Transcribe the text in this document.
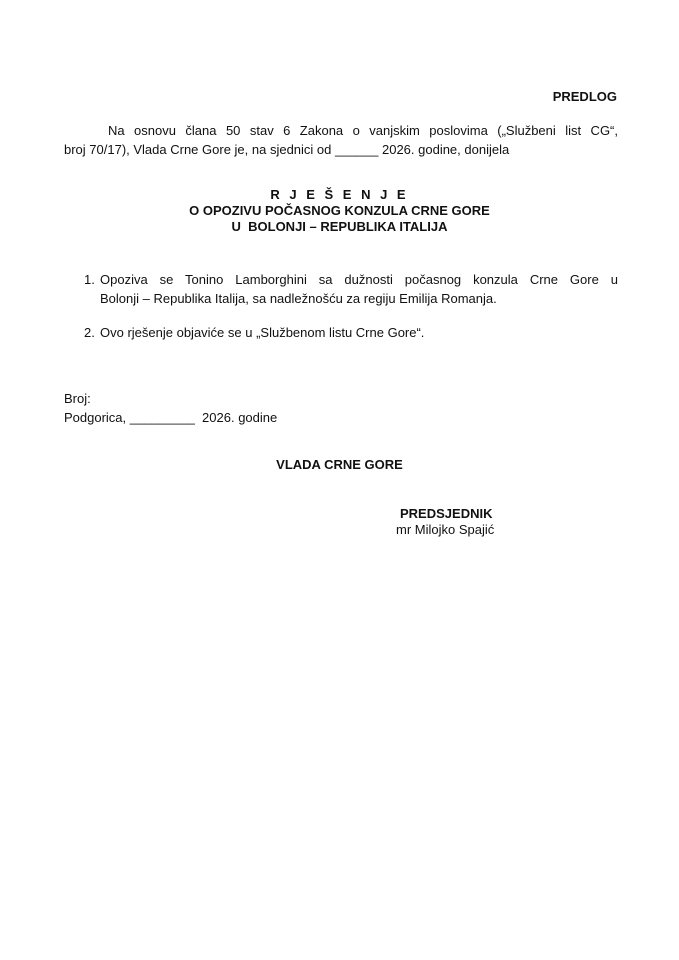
PREDLOG
Na osnovu člana 50 stav 6 Zakona o vanjskim poslovima („Službeni list CG“,
broj 70/17), Vlada Crne Gore je, na sjednici od ______ 2026. godine, donijela
R J E Š E N J E
O OPOZIVU POČASNOG KONZULA CRNE GORE
U  BOLONJI – REPUBLIKA ITALIJA
1. Opoziva se Tonino Lamborghini sa dužnosti počasnog konzula Crne Gore u
Bolonji – Republika Italija, sa nadležnošću za regiju Emilija Romanja.
2. Ovo rješenje objaviće se u „Službenom listu Crne Gore“.
Broj:
Podgorica, _________  2026. godine
VLADA CRNE GORE
PREDSJEDNIK
mr Milojko Spajić
